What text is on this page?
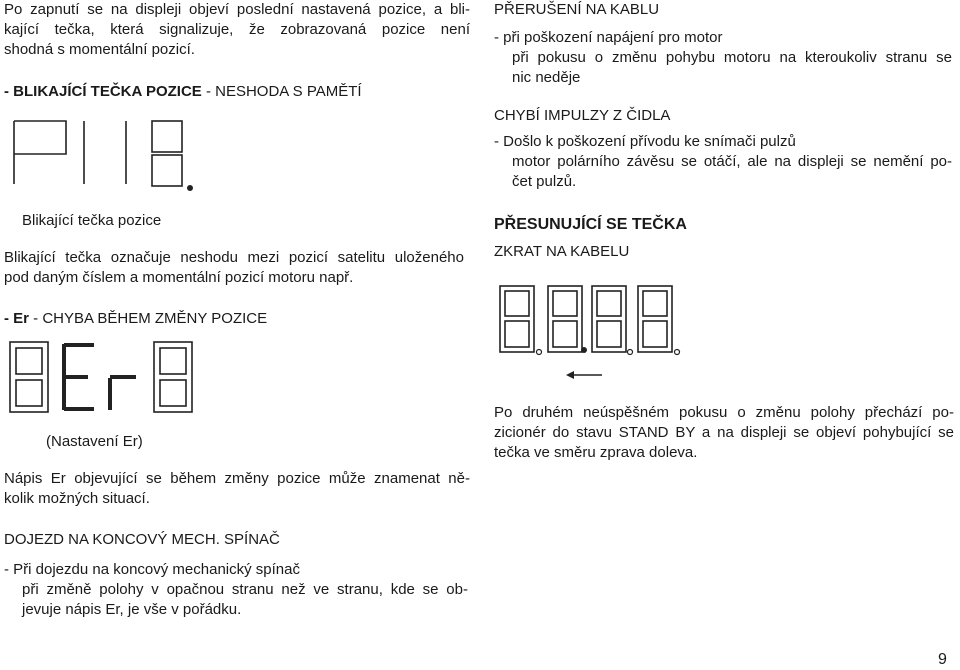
Po zapnutí se na displeji objeví poslední nastavená pozice, a bli-
kající tečka, která signalizuje, že zobrazovaná pozice není
shodná s momentální pozicí.
- BLIKAJÍCÍ TEČKA POZICE - NESHODA S PAMĚTÍ
Blikající tečka pozice
Blikající tečka označuje neshodu mezi pozicí satelitu uloženého
pod daným číslem a momentální pozicí motoru např.
- Er - CHYBA BĚHEM ZMĚNY POZICE
(Nastavení Er)
Nápis Er objevující se během změny pozice může znamenat ně-
kolik možných situací.
DOJEZD NA KONCOVÝ MECH. SPÍNAČ
- Při dojezdu na koncový mechanický spínač
při změně polohy v opačnou stranu než ve stranu, kde se ob-
jevuje nápis Er, je vše v pořádku.
PŘERUŠENÍ NA KABLU
- při poškození napájení pro motor
při pokusu o změnu pohybu motoru na kteroukoliv stranu se
nic neděje
CHYBÍ IMPULZY Z ČIDLA
- Došlo k poškození přívodu ke snímači pulzů
motor polárního závěsu se otáčí, ale na displeji se nemění po-
čet pulzů.
PŘESUNUJÍCÍ SE TEČKA
ZKRAT NA KABELU
Po druhém neúspěšném pokusu o změnu polohy přechází po-
zicionér do stavu STAND BY a na displeji se objeví pohybující se
tečka ve směru zprava doleva.
9
